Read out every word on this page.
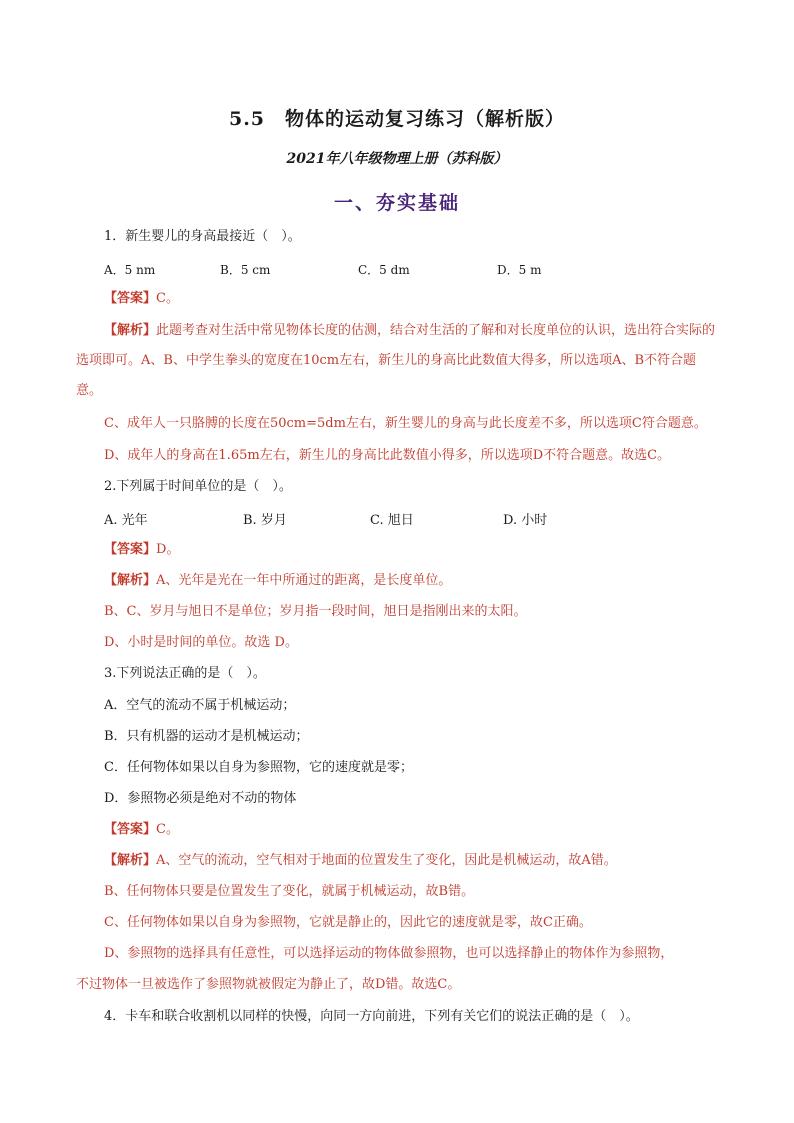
5.5　物体的运动复习练习（解析版）
2021年八年级物理上册（苏科版）
一、夯实基础
1．新生婴儿的身高最接近（　）。
A．5 nm	B．5 cm	C．5 dm	D．5 m
【答案】C。
【解析】此题考查对生活中常见物体长度的估测，结合对生活的了解和对长度单位的认识，选出符合实际的选项即可。A、B、中学生拳头的宽度在10cm左右，新生儿的身高比此数值大得多，所以选项A、B不符合题意。
C、成年人一只胳膊的长度在50cm=5dm左右，新生婴儿的身高与此长度差不多，所以选项C符合题意。
D、成年人的身高在1.65m左右，新生儿的身高比此数值小得多，所以选项D不符合题意。故选C。
2.下列属于时间单位的是（　）。
A. 光年	B. 岁月	C. 旭日	D. 小时
【答案】D。
【解析】A、光年是光在一年中所通过的距离，是长度单位。
B、C、岁月与旭日不是单位；岁月指一段时间，旭日是指刚出来的太阳。
D、小时是时间的单位。故选 D。
3.下列说法正确的是（　）。
A．空气的流动不属于机械运动；
B．只有机器的运动才是机械运动；
C．任何物体如果以自身为参照物，它的速度就是零；
D．参照物必须是绝对不动的物体
【答案】C。
【解析】A、空气的流动，空气相对于地面的位置发生了变化，因此是机械运动，故A错。
B、任何物体只要是位置发生了变化，就属于机械运动，故B错。
C、任何物体如果以自身为参照物，它就是静止的，因此它的速度就是零，故C正确。
D、参照物的选择具有任意性，可以选择运动的物体做参照物，也可以选择静止的物体作为参照物，
不过物体一旦被选作了参照物就被假定为静止了，故D错。故选C。
4．卡车和联合收割机以同样的快慢，向同一方向前进，下列有关它们的说法正确的是（　）。
